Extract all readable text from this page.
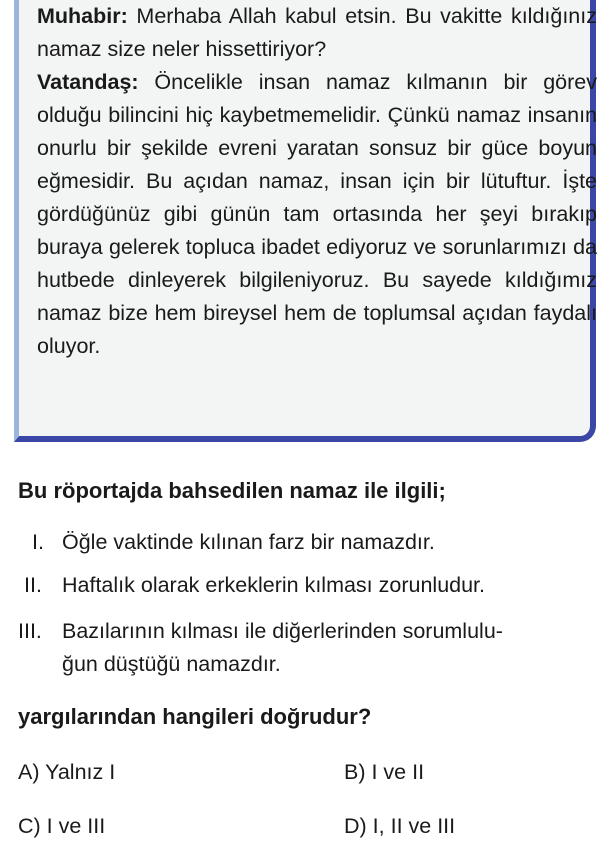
Muhabir: Merhaba Allah kabul etsin. Bu vakitte kıldığınız namaz size neler hissettiriyor?
Vatandaş: Öncelikle insan namaz kılmanın bir görev olduğu bilincini hiç kaybetmemelidir. Çünkü namaz insanın onurlu bir şekilde evreni yaratan sonsuz bir güce boyun eğmesidir. Bu açıdan namaz, insan için bir lütuftur. İşte gördüğünüz gibi günün tam ortasında her şeyi bırakıp buraya gelerek topluca ibadet ediyoruz ve sorunlarımızı da hutbede dinleyerek bilgileniyoruz. Bu sayede kıldığımız namaz bize hem bireysel hem de toplumsal açıdan faydalı oluyor.
Bu röportajda bahsedilen namaz ile ilgili;
I. Öğle vaktinde kılınan farz bir namazdır.
II. Haftalık olarak erkeklerin kılması zorunludur.
III. Bazılarının kılması ile diğerlerinden sorumlulu-
ğun düştüğü namazdır.
yargılarından hangileri doğrudur?
A) Yalnız I	B) I ve II
C) I ve III	D) I, II ve III
